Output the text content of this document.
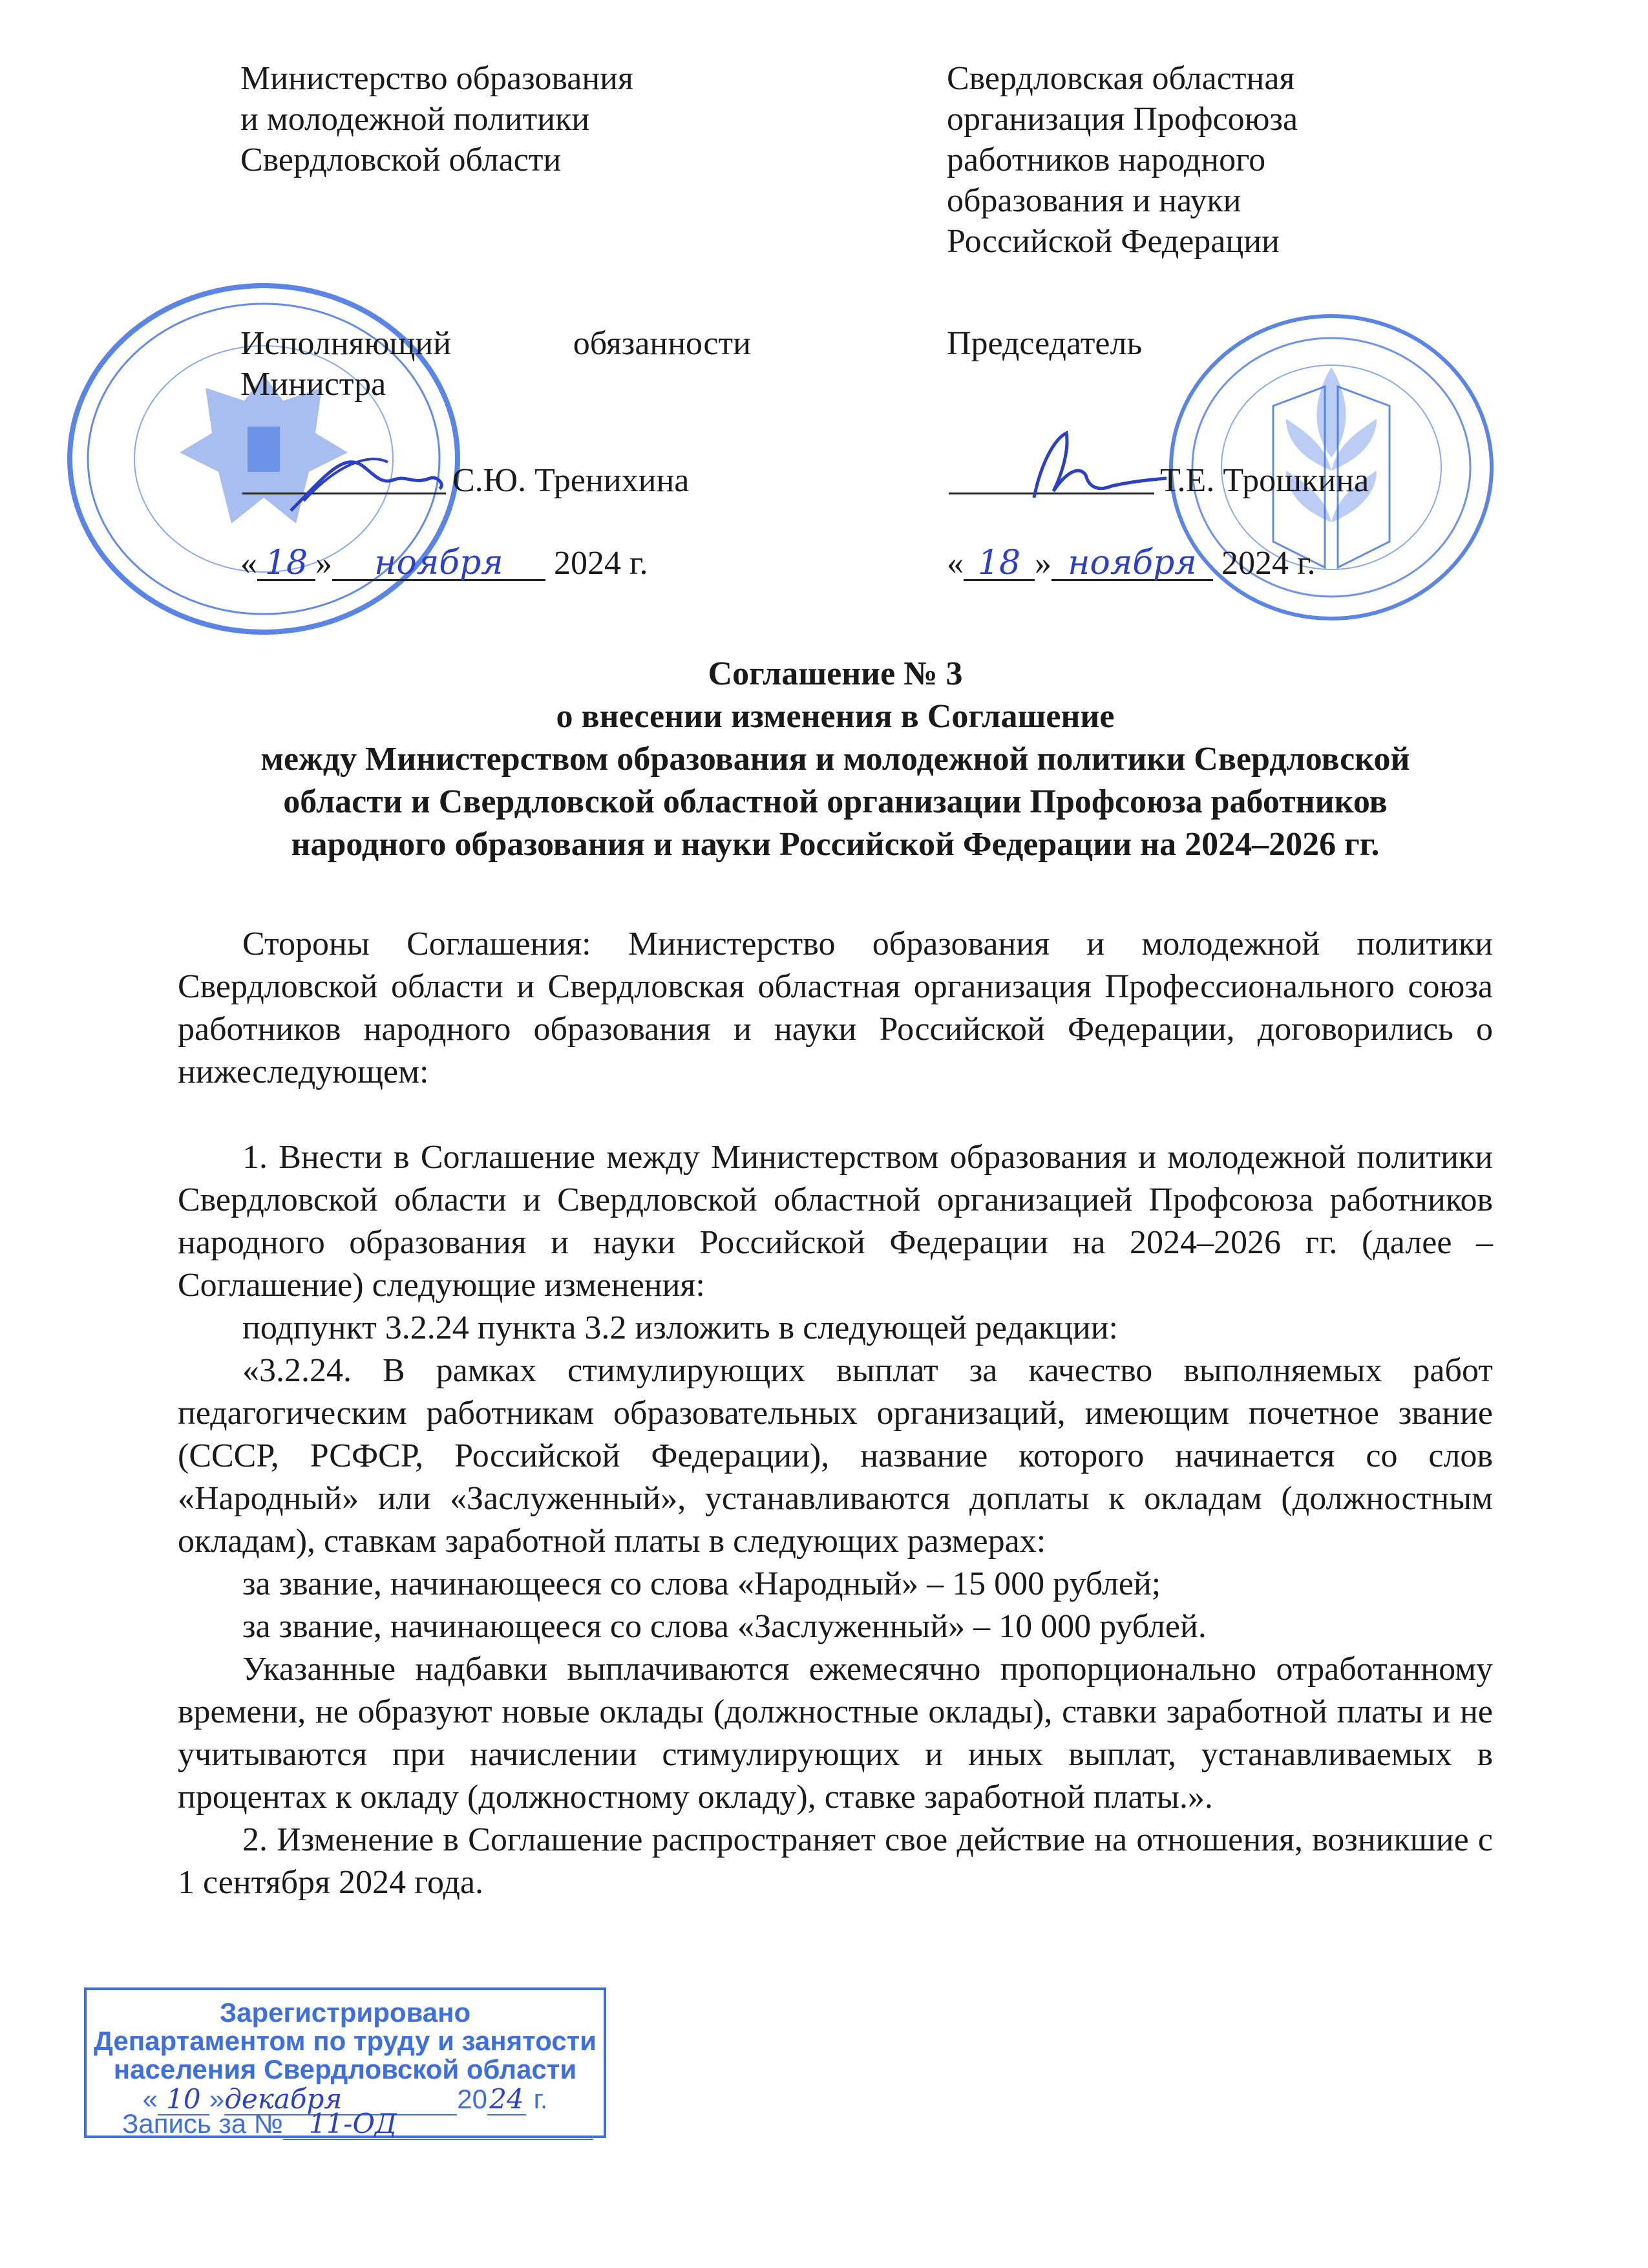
Министерство образования
и молодежной политики
Свердловской области
Исполняющий	обязанности
Министра
С.Ю. Тренихина
« 18 » ноября 2024 г.
Свердловская областная
организация Профсоюза
работников народного
образования и науки
Российской Федерации
Председатель
Т.Е. Трошкина
« 18 » ноября 2024 г.
Соглашение № 3
о внесении изменения в Соглашение
между Министерством образования и молодежной политики Свердловской
области и Свердловской областной организации Профсоюза работников
народного образования и науки Российской Федерации на 2024–2026 гг.

Стороны Соглашения: Министерство образования и молодежной политики Свердловской области и Свердловская областная организация Профессионального союза работников народного образования и науки Российской Федерации, договорились о нижеследующем:

1. Внести в Соглашение между Министерством образования и молодежной политики Свердловской области и Свердловской областной организацией Профсоюза работников народного образования и науки Российской Федерации на 2024–2026 гг. (далее – Соглашение) следующие изменения:

подпункт 3.2.24 пункта 3.2 изложить в следующей редакции:

«3.2.24. В рамках стимулирующих выплат за качество выполняемых работ педагогическим работникам образовательных организаций, имеющим почетное звание (СССР, РСФСР, Российской Федерации), название которого начинается со слов «Народный» или «Заслуженный», устанавливаются доплаты к окладам (должностным окладам), ставкам заработной платы в следующих размерах:

за звание, начинающееся со слова «Народный» – 15 000 рублей;

за звание, начинающееся со слова «Заслуженный» – 10 000 рублей.

Указанные надбавки выплачиваются ежемесячно пропорционально отработанному времени, не образуют новые оклады (должностные оклады), ставки заработной платы и не учитываются при начислении стимулирующих и иных выплат, устанавливаемых в процентах к окладу (должностному окладу), ставке заработной платы.».

2. Изменение в Соглашение распространяет свое действие на отношения, возникшие с 1 сентября 2024 года.

Зарегистрировано
Департаментом по труду и занятости
населения Свердловской области
« 10 »декабря	2024 г.
Запись за № 11-ОД
